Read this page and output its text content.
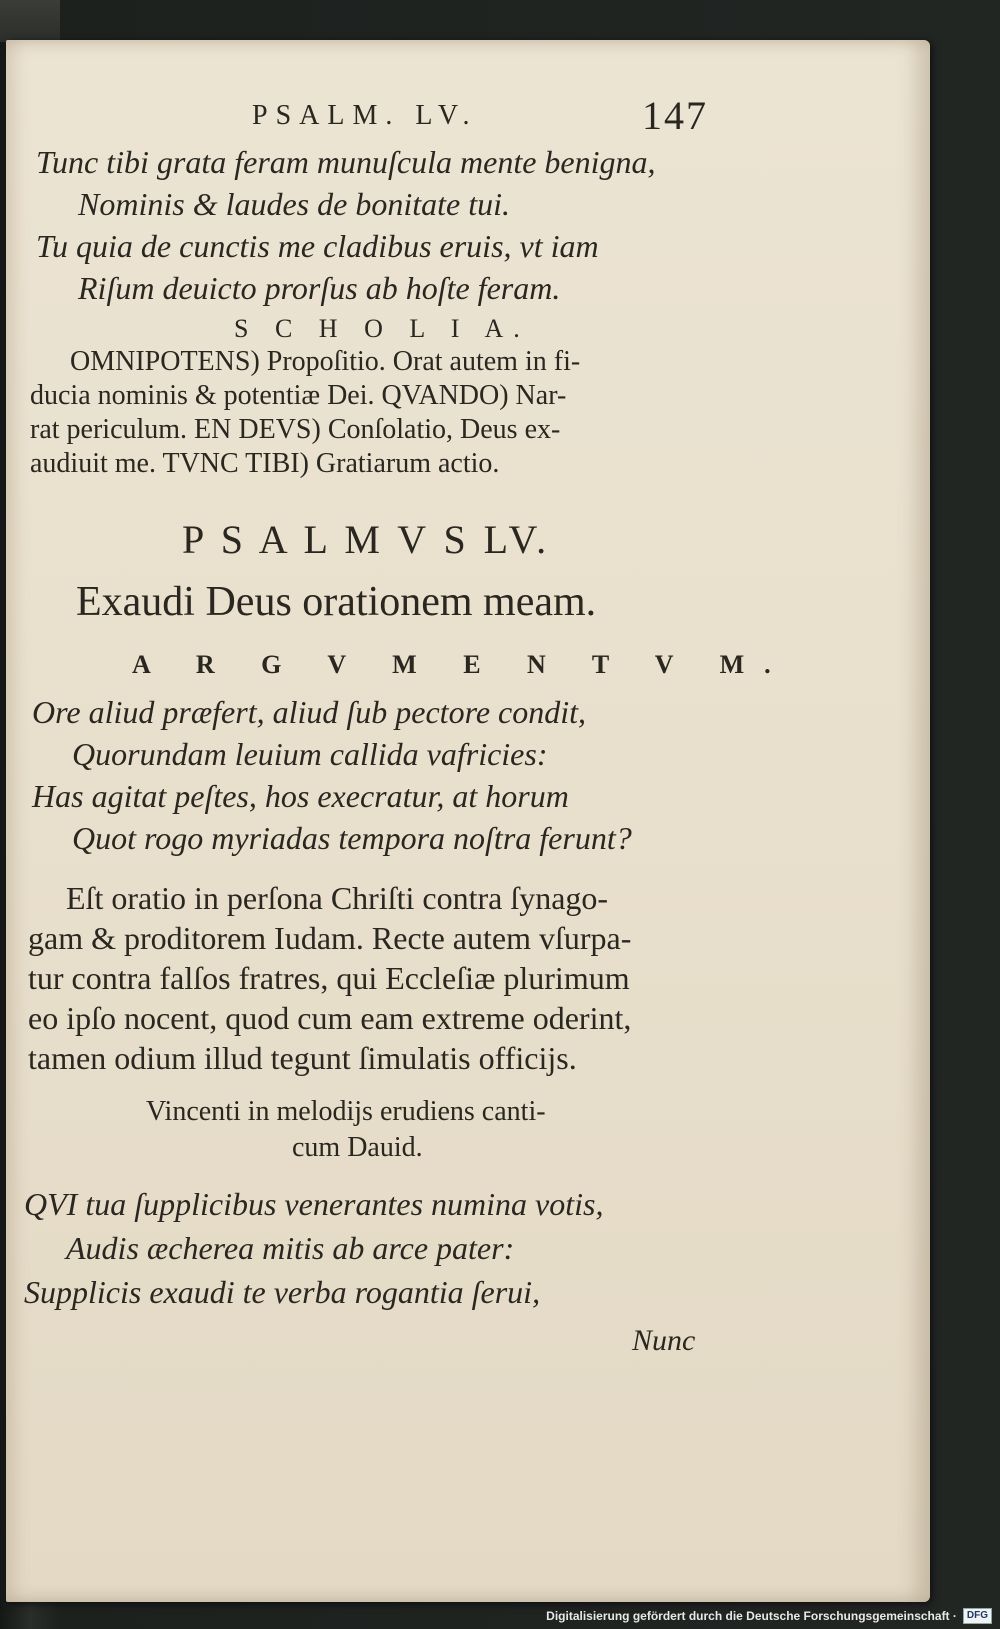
PSALM. LV.	147
Tunc tibi grata feram munuſcula mente benigna,
Nominis & laudes de bonitate tui.
Tu quia de cunctis me cladibus eruis, vt iam
Riſum deuicto prorſus ab hoſte feram.
S C H O L I A.
OMNIPOTENS) Propoſitio. Orat autem in fi-
ducia nominis & potentiæ Dei. QVANDO) Nar-
rat periculum. EN DEVS) Conſolatio, Deus ex-
audiuit me. TVNC TIBI) Gratiarum actio.
P S A L M V S LV.
Exaudi Deus orationem meam.
A R G V M E N T V M.
Ore aliud præfert, aliud ſub pectore condit,
Quorundam leuium callida vafricies:
Has agitat peſtes, hos execratur, at horum
Quot rogo myriadas tempora noſtra ferunt?
Eſt oratio in perſona Chriſti contra ſynago-
gam & proditorem Iudam. Recte autem vſurpa-
tur contra falſos fratres, qui Eccleſiæ plurimum
eo ipſo nocent, quod cum eam extreme oderint,
tamen odium illud tegunt ſimulatis officijs.
Vincenti in melodijs erudiens canti-
cum Dauid.
QVI tua ſupplicibus venerantes numina votis,
Audis æcherea mitis ab arce pater:
Supplicis exaudi te verba rogantia ſerui,
Nunc
Digitalisierung gefördert durch die Deutsche Forschungsgemeinschaft ·	DFG
